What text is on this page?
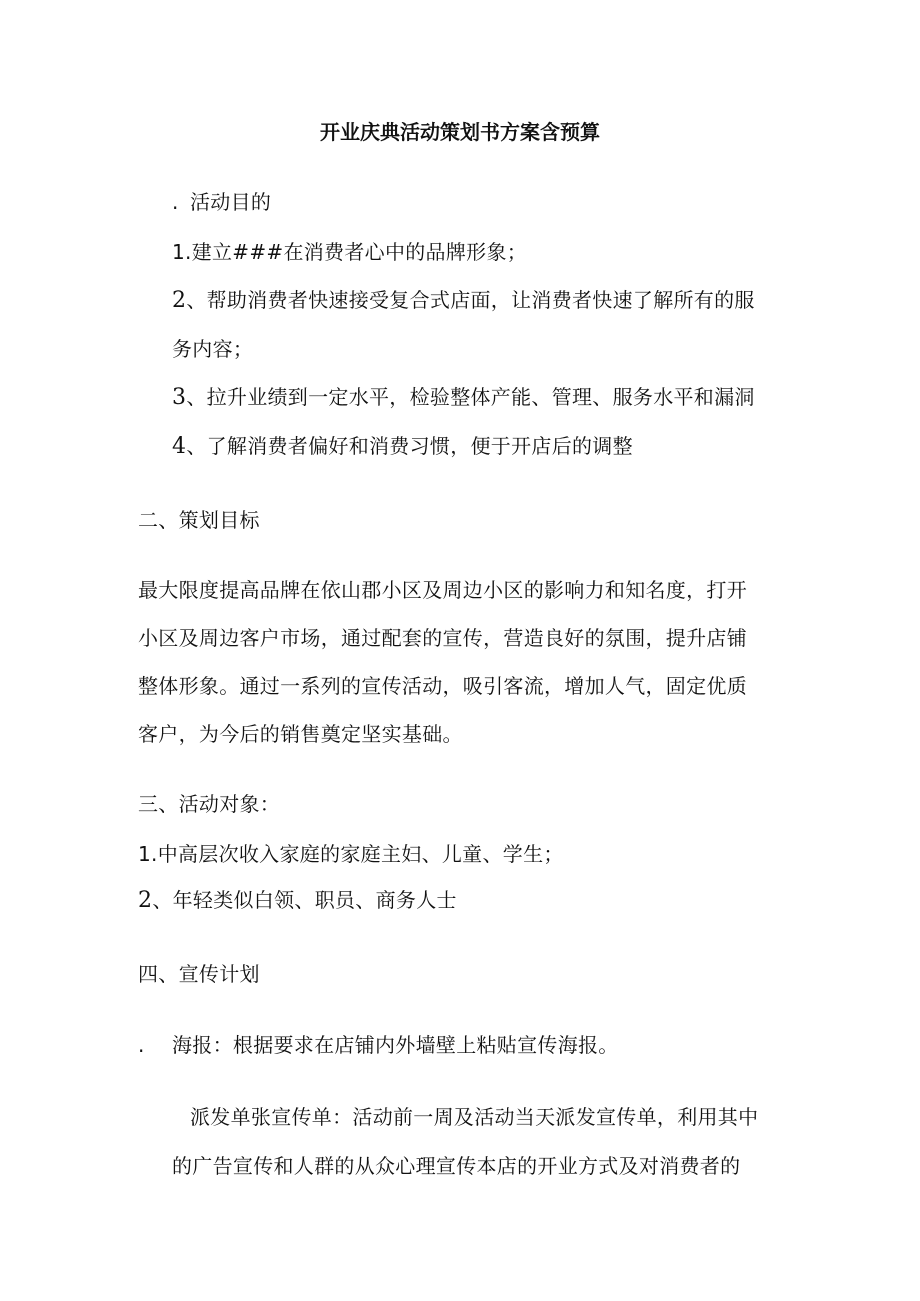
开业庆典活动策划书方案含预算
. 活动目的
1.建立###在消费者心中的品牌形象；
2、帮助消费者快速接受复合式店面，让消费者快速了解所有的服
务内容；
3、拉升业绩到一定水平，检验整体产能、管理、服务水平和漏洞
4、了解消费者偏好和消费习惯，便于开店后的调整
二、策划目标
最大限度提高品牌在依山郡小区及周边小区的影响力和知名度，打开
小区及周边客户市场，通过配套的宣传，营造良好的氛围，提升店铺
整体形象。通过一系列的宣传活动，吸引客流，增加人气，固定优质
客户，为今后的销售奠定坚实基础。
三、活动对象：
1.中高层次收入家庭的家庭主妇、儿童、学生；
2、年轻类似白领、职员、商务人士
四、宣传计划
. 海报：根据要求在店铺内外墙壁上粘贴宣传海报。
派发单张宣传单：活动前一周及活动当天派发宣传单，利用其中
的广告宣传和人群的从众心理宣传本店的开业方式及对消费者的
